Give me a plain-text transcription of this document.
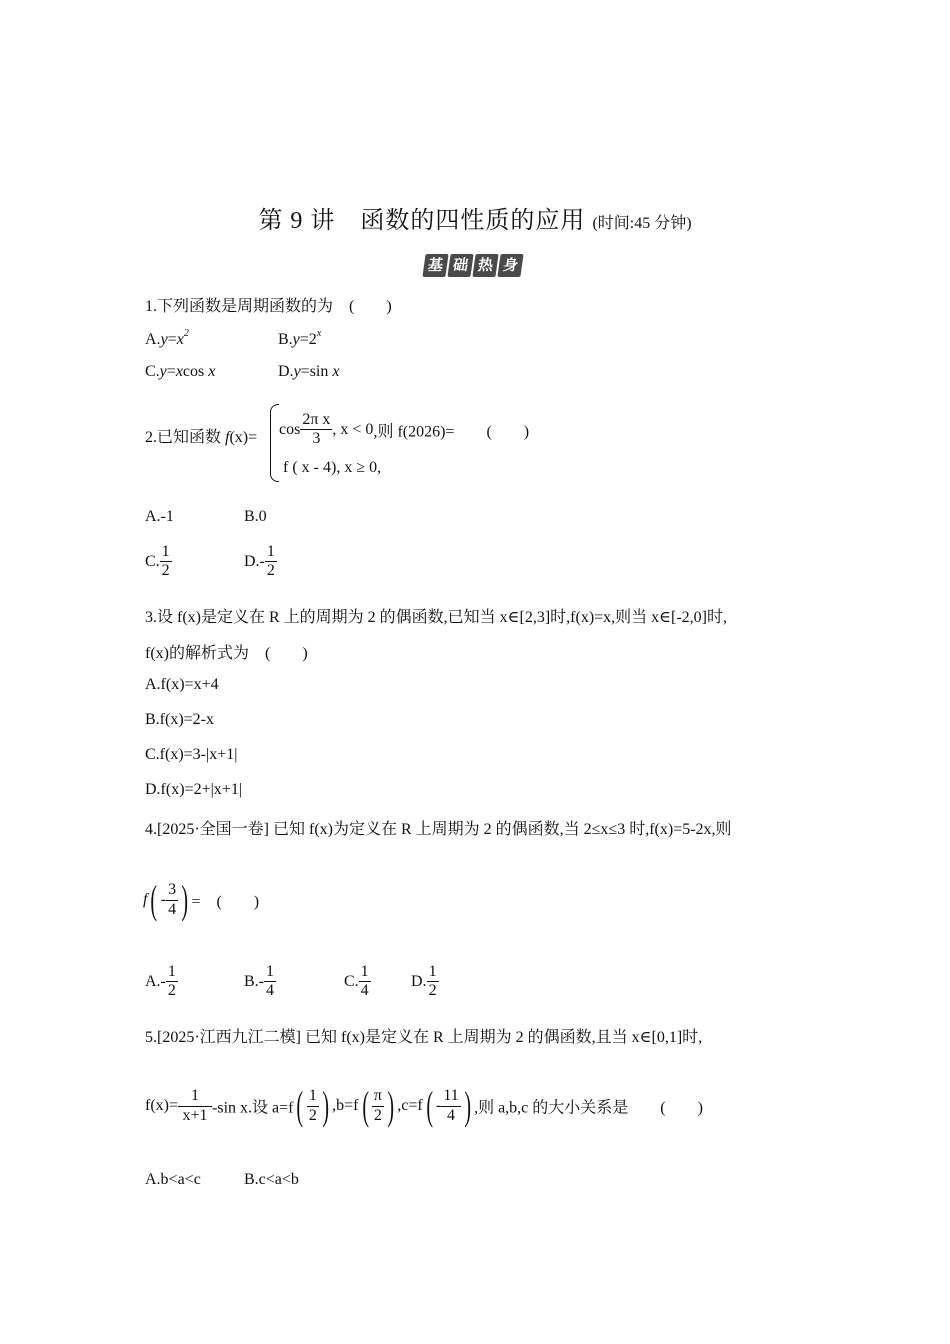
第 9 讲　函数的四性质的应用 (时间:45 分钟)
基 础 热 身
1.下列函数是周期函数的为　(　　)
$A.y=x^2$	$B.y=2^x$
C.y=xcos x	D.y=sin x
2.已知函数 $f(x)= \cos \frac{\text{2π x}}{3}$ , x < 0,则 f(2026)=　　(　　)
f ( x - 4), x ≥ 0,
A.-1	B.0
C. $\frac{1}{2}$	$D.- \frac{1}{2}$
3.设 f(x)是定义在 R 上的周期为 2 的偶函数,已知当 x∈[2,3]时,f(x)=x,则当 x∈[-2,0]时,
f(x)的解析式为　(　　)
A.f(x)=x+4
B.f(x)=2-x
C.f(x)=3-|x+1|
D.f(x)=2+|x+1|
4.[2025·全国一卷] 已知 f(x)为定义在 R 上周期为 2 的偶函数,当 2≤x≤3 时,f(x)=5-2x,则
$f( - \frac{3}{4}$ ) =　(　　)
$A.- \frac{1}{2}$	$B.- \frac{1}{4}$	C. $\frac{1}{4}$	D. $\frac{1}{2}$
5.[2025·江西九江二模] 已知 f(x)是定义在 R 上周期为 2 的偶函数,且当 x∈[0,1]时,
$f(x)= \frac{1}{x+1} -\sin$ x.设 $a=f( \frac{1}{2}$ ) $,b=f( \frac{\pi}{2}$ ) $,c=f( - \frac{11}{4}$ ) ,则 a,b,c 的大小关系是　　(　　)
A.b<a<c	B.c<a<b
